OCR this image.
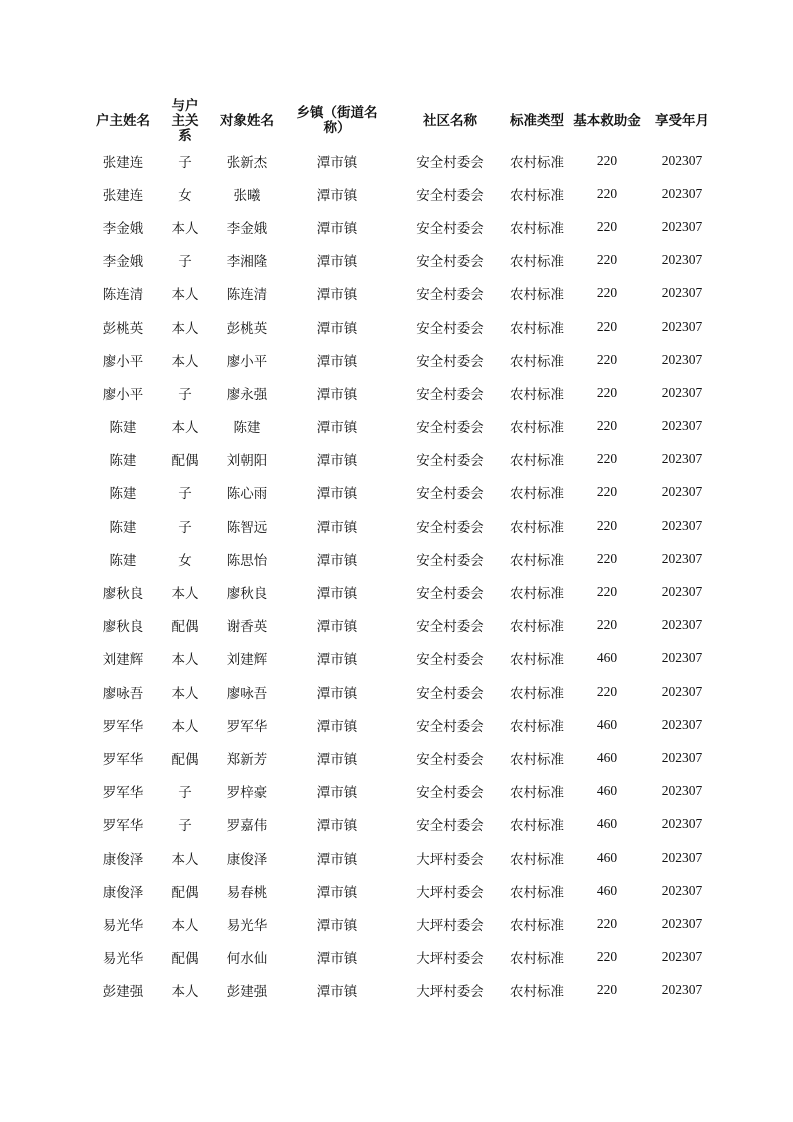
户主姓名	与户主关系	对象姓名	乡镇（街道名称）	社区名称	标准类型	基本救助金	享受年月
张建连	子	张新杰	潭市镇	安全村委会	农村标准	220	202307
张建连	女	张曦	潭市镇	安全村委会	农村标准	220	202307
李金娥	本人	李金娥	潭市镇	安全村委会	农村标准	220	202307
李金娥	子	李湘隆	潭市镇	安全村委会	农村标准	220	202307
陈连清	本人	陈连清	潭市镇	安全村委会	农村标准	220	202307
彭桃英	本人	彭桃英	潭市镇	安全村委会	农村标准	220	202307
廖小平	本人	廖小平	潭市镇	安全村委会	农村标准	220	202307
廖小平	子	廖永强	潭市镇	安全村委会	农村标准	220	202307
陈建	本人	陈建	潭市镇	安全村委会	农村标准	220	202307
陈建	配偶	刘朝阳	潭市镇	安全村委会	农村标准	220	202307
陈建	子	陈心雨	潭市镇	安全村委会	农村标准	220	202307
陈建	子	陈智远	潭市镇	安全村委会	农村标准	220	202307
陈建	女	陈思怡	潭市镇	安全村委会	农村标准	220	202307
廖秋良	本人	廖秋良	潭市镇	安全村委会	农村标准	220	202307
廖秋良	配偶	谢香英	潭市镇	安全村委会	农村标准	220	202307
刘建辉	本人	刘建辉	潭市镇	安全村委会	农村标准	460	202307
廖咏吾	本人	廖咏吾	潭市镇	安全村委会	农村标准	220	202307
罗军华	本人	罗军华	潭市镇	安全村委会	农村标准	460	202307
罗军华	配偶	郑新芳	潭市镇	安全村委会	农村标准	460	202307
罗军华	子	罗梓豪	潭市镇	安全村委会	农村标准	460	202307
罗军华	子	罗嘉伟	潭市镇	安全村委会	农村标准	460	202307
康俊泽	本人	康俊泽	潭市镇	大坪村委会	农村标准	460	202307
康俊泽	配偶	易春桃	潭市镇	大坪村委会	农村标准	460	202307
易光华	本人	易光华	潭市镇	大坪村委会	农村标准	220	202307
易光华	配偶	何水仙	潭市镇	大坪村委会	农村标准	220	202307
彭建强	本人	彭建强	潭市镇	大坪村委会	农村标准	220	202307
